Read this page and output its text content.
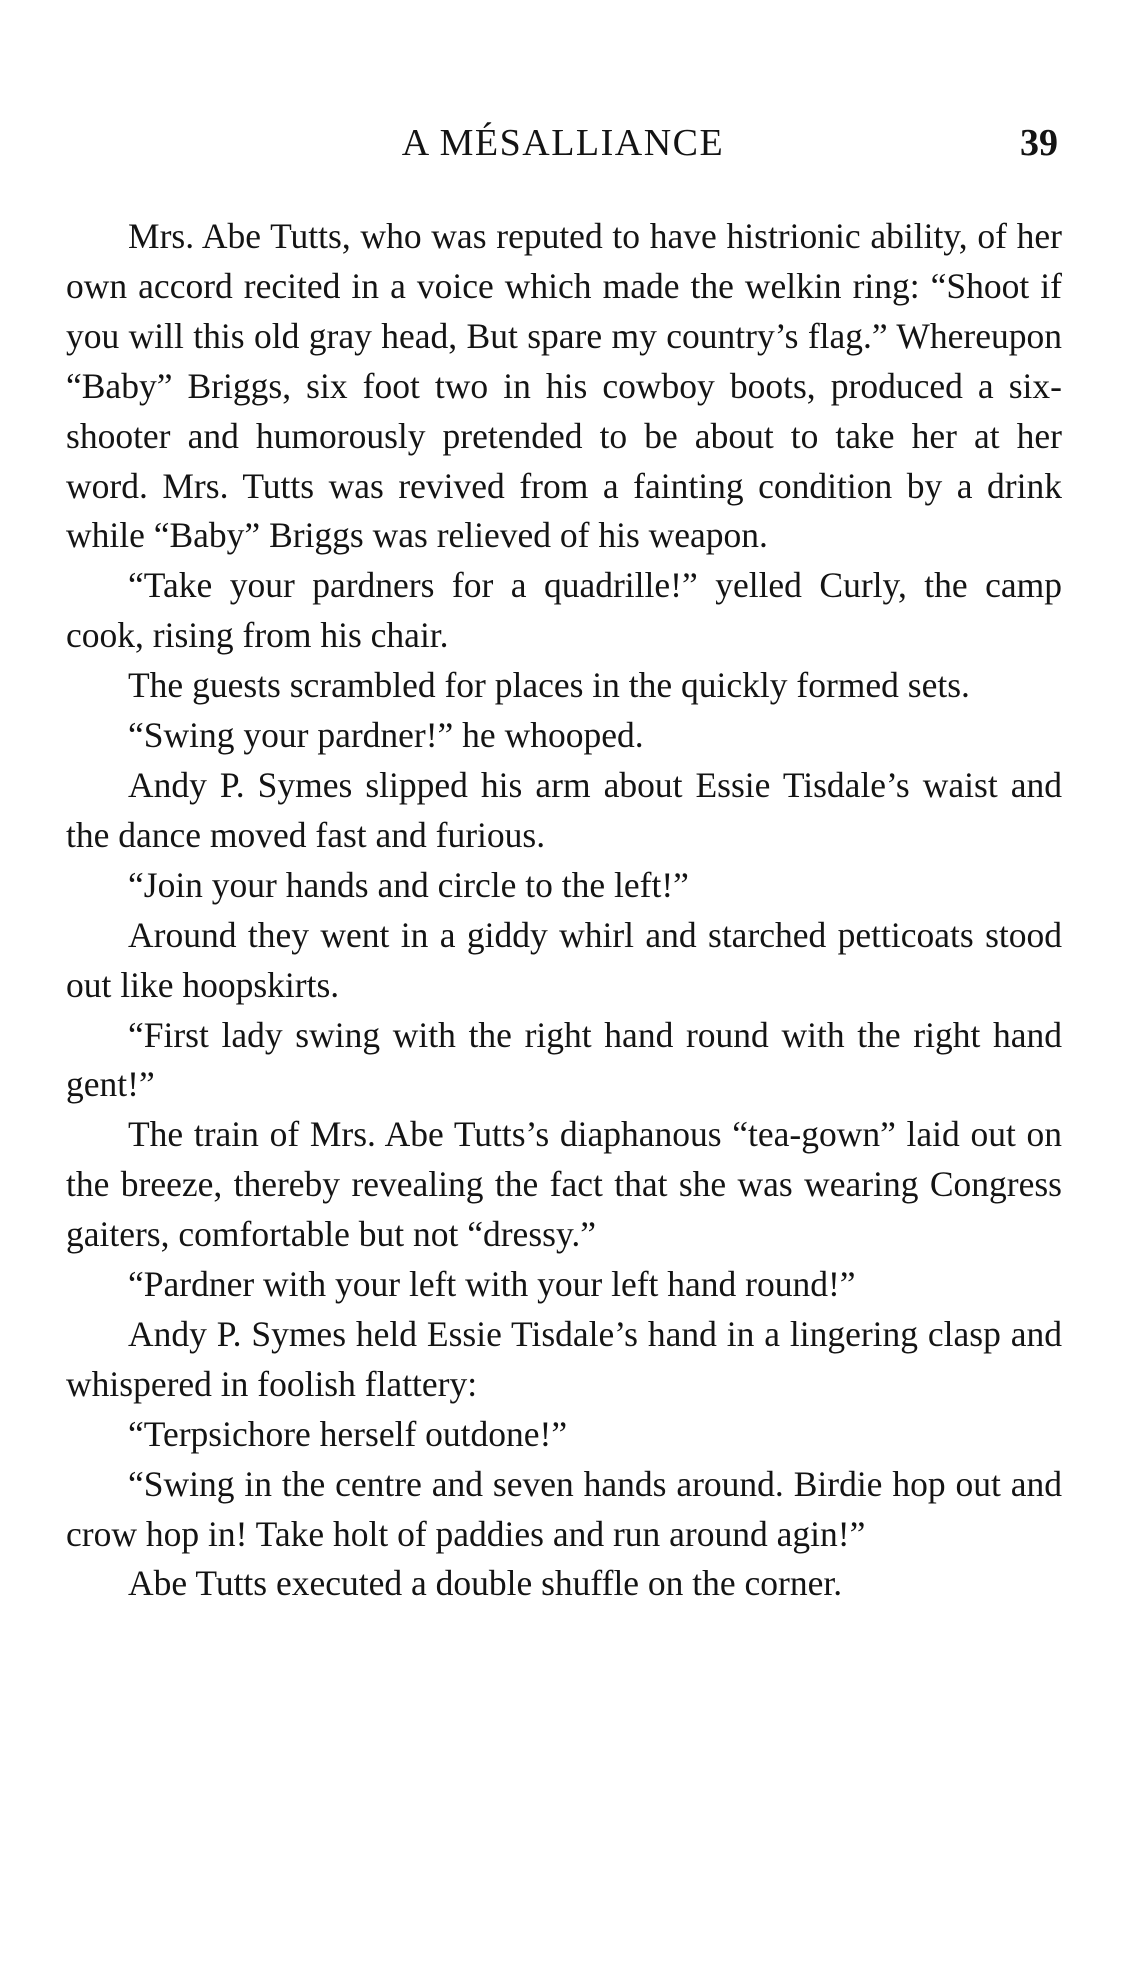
A MÉSALLIANCE	39

Mrs. Abe Tutts, who was reputed to have histrionic ability, of her own accord recited in a voice which made the welkin ring: “Shoot if you will this old gray head, But spare my country’s flag.” Whereupon “Baby” Briggs, six foot two in his cowboy boots, produced a six-shooter and humorously pretended to be about to take her at her word. Mrs. Tutts was revived from a fainting condition by a drink while “Baby” Briggs was relieved of his weapon.

“Take your pardners for a quadrille!” yelled Curly, the camp cook, rising from his chair.

The guests scrambled for places in the quickly formed sets.

“Swing your pardner!” he whooped.

Andy P. Symes slipped his arm about Essie Tisdale’s waist and the dance moved fast and furious.

“Join your hands and circle to the left!”

Around they went in a giddy whirl and starched petticoats stood out like hoopskirts.

“First lady swing with the right hand round with the right hand gent!”

The train of Mrs. Abe Tutts’s diaphanous “tea-gown” laid out on the breeze, thereby revealing the fact that she was wearing Congress gaiters, comfortable but not “dressy.”

“Pardner with your left with your left hand round!”

Andy P. Symes held Essie Tisdale’s hand in a lingering clasp and whispered in foolish flattery:

“Terpsichore herself outdone!”

“Swing in the centre and seven hands around. Birdie hop out and crow hop in! Take holt of paddies and run around agin!”

Abe Tutts executed a double shuffle on the corner.
